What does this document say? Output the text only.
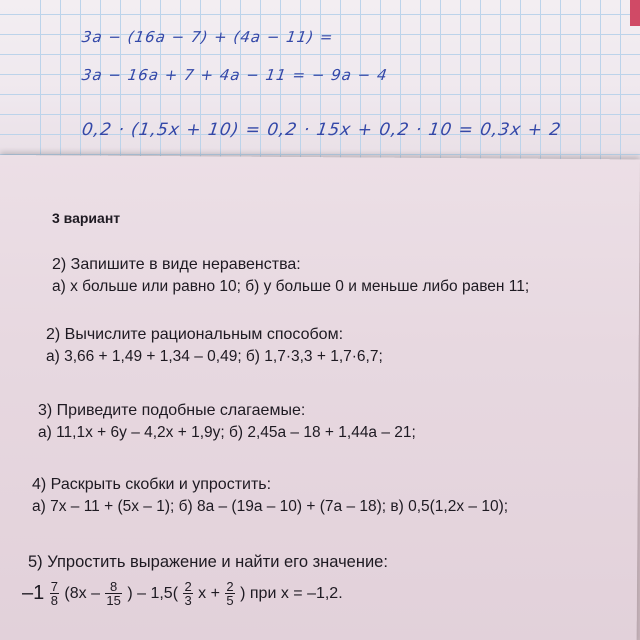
3a − (16a − 7) + (4a − 11) =
3a − 16a + 7 + 4a − 11 = − 9a − 4
0,2 · (1,5x + 10) = 0,2 · 15x + 0,2 · 10 = 0,3x + 2
3 вариант
2) Запишите в виде неравенства:
а) х больше или равно 10; б) у больше 0 и меньше либо равен 11;
2) Вычислите рациональным способом:
а) 3,66 + 1,49 + 1,34 – 0,49; б) 1,7·3,3 + 1,7·6,7;
3) Приведите подобные слагаемые:
а) 11,1х + 6у – 4,2х + 1,9у; б) 2,45а – 18 + 1,44а – 21;
4) Раскрыть скобки и упростить:
а) 7х – 11 + (5х – 1); б) 8а – (19а – 10) + (7а – 18); в) 0,5(1,2х – 10);
5) Упростить выражение и найти его значение:
$-1 \frac{7}{8} (8х - \frac{8}{15}$ ) – $1,5( \frac{2}{3}$ $х + \frac{2}{5}$ ) при х = –1,2.
